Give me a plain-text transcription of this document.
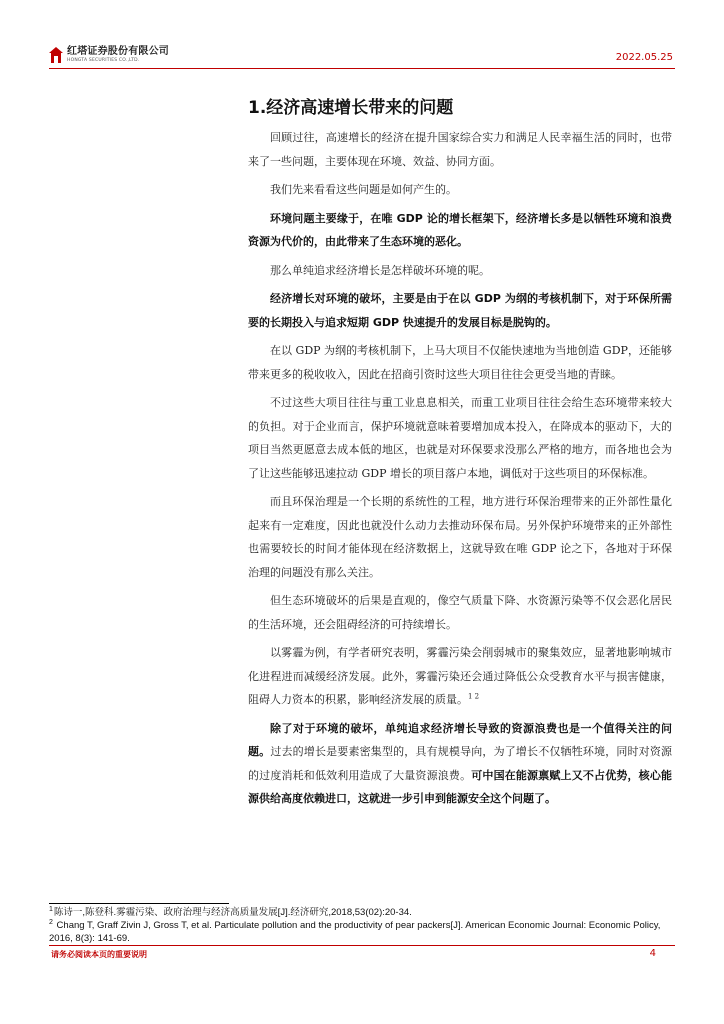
红塔证券股份有限公司
HONGTA SECURITIES CO.,LTD.	2022.05.25
1.经济高速增长带来的问题

回顾过往，高速增长的经济在提升国家综合实力和满足人民幸福生活的同时，也带来了一些问题，主要体现在环境、效益、协同方面。

我们先来看看这些问题是如何产生的。

环境问题主要缘于，在唯 GDP 论的增长框架下，经济增长多是以牺牲环境和浪费资源为代价的，由此带来了生态环境的恶化。

那么单纯追求经济增长是怎样破坏环境的呢。

经济增长对环境的破坏，主要是由于在以 GDP 为纲的考核机制下，对于环保所需要的长期投入与追求短期 GDP 快速提升的发展目标是脱钩的。

在以 GDP 为纲的考核机制下，上马大项目不仅能快速地为当地创造 GDP，还能够带来更多的税收收入，因此在招商引资时这些大项目往往会更受当地的青睐。

不过这些大项目往往与重工业息息相关，而重工业项目往往会给生态环境带来较大的负担。对于企业而言，保护环境就意味着要增加成本投入，在降成本的驱动下，大的项目当然更愿意去成本低的地区，也就是对环保要求没那么严格的地方，而各地也会为了让这些能够迅速拉动 GDP 增长的项目落户本地，调低对于这些项目的环保标准。

而且环保治理是一个长期的系统性的工程，地方进行环保治理带来的正外部性量化起来有一定难度，因此也就没什么动力去推动环保布局。另外保护环境带来的正外部性也需要较长的时间才能体现在经济数据上，这就导致在唯 GDP 论之下，各地对于环保治理的问题没有那么关注。

但生态环境破坏的后果是直观的，像空气质量下降、水资源污染等不仅会恶化居民的生活环境，还会阻碍经济的可持续增长。

以雾霾为例，有学者研究表明，雾霾污染会削弱城市的聚集效应，显著地影响城市化进程进而减缓经济发展。此外，雾霾污染还会通过降低公众受教育水平与损害健康，阻碍人力资本的积累，影响经济发展的质量。$^{1 2}$

除了对于环境的破坏，单纯追求经济增长导致的资源浪费也是一个值得关注的问题。过去的增长是要素密集型的，具有规模导向，为了增长不仅牺牲环境，同时对资源的过度消耗和低效利用造成了大量资源浪费。可中国在能源禀赋上又不占优势，核心能源供给高度依赖进口，这就进一步引申到能源安全这个问题了。

$^1$陈诗一,陈登科.雾霾污染、政府治理与经济高质量发展[J].经济研究,2018,53(02):20-34.
$^2$ Chang T, Graff Zivin J, Gross T, et al. Particulate pollution and the productivity of pear packers[J]. American Economic Journal: Economic Policy, 2016, 8(3): 141-69.
请务必阅读本页的重要说明	4
